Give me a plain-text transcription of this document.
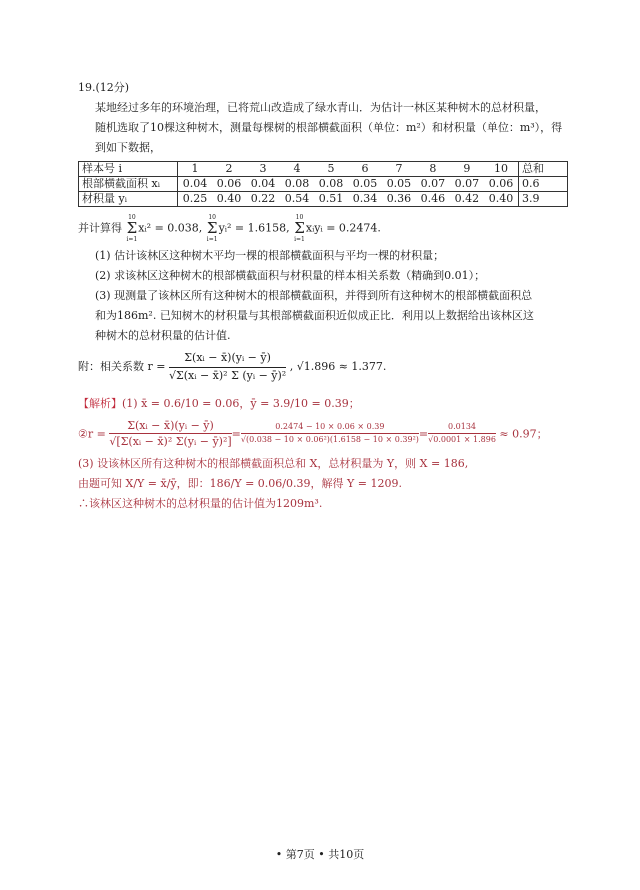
19.(12分)
某地经过多年的环境治理，已将荒山改造成了绿水青山．为估计一林区某种树木的总材积量，
随机选取了10棵这种树木，测量每棵树的根部横截面积（单位：m²）和材积量（单位：m³），得
到如下数据，
样本号 i	1	2	3	4	5	6	7	8	9	10	总和
根部横截面积 xᵢ	0.04	0.06	0.04	0.08	0.08	0.05	0.05	0.07	0.07	0.06	0.6
材积量 yᵢ	0.25	0.40	0.22	0.54	0.51	0.34	0.36	0.46	0.42	0.40	3.9
并计算得
10
Σ
i=1
xᵢ² = 0.038,
10
Σ
i=1
yᵢ² = 1.6158,
10
Σ
i=1
xᵢyᵢ = 0.2474.
(1) 估计该林区这种树木平均一棵的根部横截面积与平均一棵的材积量；
(2) 求该林区这种树木的根部横截面积与材积量的样本相关系数（精确到0.01）；
(3) 现测量了该林区所有这种树木的根部横截面积，并得到所有这种树木的根部横截面积总
和为186m². 已知树木的材积量与其根部横截面积近似成正比．利用以上数据给出该林区这
种树木的总材积量的估计值.
附：相关系数 $r = \frac{\text{Σ(xᵢ − x̄)(yᵢ − ȳ)}}{\text{√Σ(xᵢ − x̄)² Σ (yᵢ − ȳ)²}}$ , √1.896 ≈ 1.377.
【解析】(1) x̄ = 0.6/10 = 0.06，ȳ = 3.9/10 = 0.39；
②r = $\frac{\text{Σ(xᵢ − x̄)(yᵢ − ȳ)}}{\text{√[Σ(xᵢ − x̄)² Σ(yᵢ − ȳ)²]}} = \frac{0.2474 - 10 \times 0.06 \times 0.39}{\text{√(0.038 − 10 × 0.06²)(1.6158 − 10 × 0.39²)}} = \frac{0.0134}{√0.0001 \times 1.896} \approx 0.97$；
(3) 设该林区所有这种树木的根部横截面积总和 X，总材积量为 Y，则 X = 186,
由题可知 X/Y = x̄/ȳ，即：186/Y = 0.06/0.39，解得 Y = 1209.
∴该林区这种树木的总材积量的估计值为1209m³.
• 第7页 • 共10页
